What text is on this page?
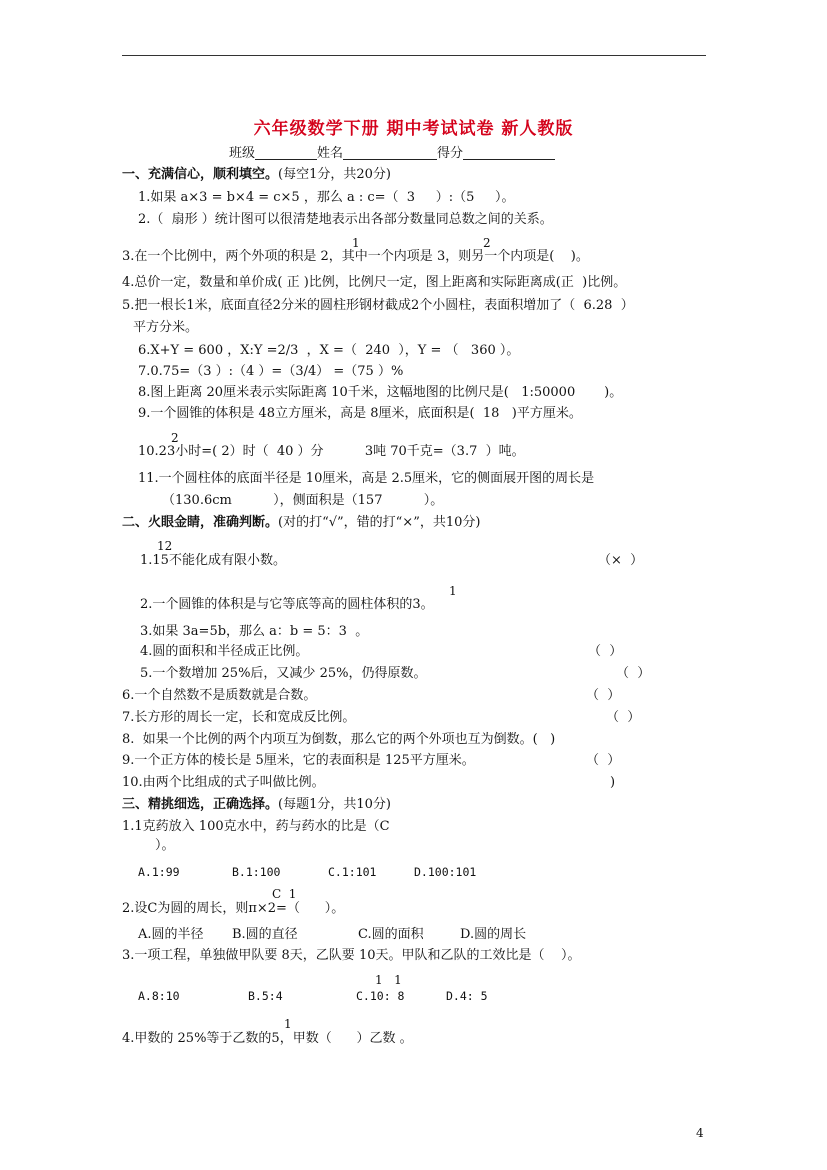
六年级数学下册 期中考试试卷 新人教版
班级	姓名	得分
一、充满信心，顺利填空。(每空1分，共20分)
1.如果 a×3 = b×4 = c×5 ，那么 a : c=（  3     ）:（5     ）。
2.（  扇形 ）统计图可以很清楚地表示出各部分数量同总数之间的关系。
1	2
3.在一个比例中，两个外项的积是 2，其中一个内项是 3，则另一个内项是(    )。
4.总价一定，数量和单价成( 正 )比例，比例尺一定，图上距离和实际距离成(正  )比例。
5.把一根长1米，底面直径2分米的圆柱形钢材截成2个小圆柱，表面积增加了（  6.28  ）
平方分米。
6.X+Y = 600 ，X:Y =2/3  ，X =（  240  ），Y = （   360 ）。
7.0.75=（3 ）:（4 ）=（3/4） =（75 ）%
8.图上距离 20厘米表示实际距离 10千米，这幅地图的比例尺是(   1:50000       )。
9.一个圆锥的体积是 48立方厘米，高是 8厘米，底面积是(  18   )平方厘米。
2
10.23小时=( 2）时（  40 ）分          3吨 70千克=（3.7  ）吨。
11.一个圆柱体的底面半径是 10厘米，高是 2.5厘米，它的侧面展开图的周长是
（130.6cm          ），侧面积是（157          ）。
二、火眼金睛，准确判断。(对的打“√”，错的打“×”，共10分)
12
1.15不能化成有限小数。	（×  ）
1
2.一个圆锥的体积是与它等底等高的圆柱体积的3。
3.如果 3a=5b，那么 a：b = 5：3  。
4.圆的面积和半径成正比例。	（  ）
5.一个数增加 25%后，又减少 25%，仍得原数。	（  ）
6.一个自然数不是质数就是合数。	（  ）
7.长方形的周长一定，长和宽成反比例。	（  ）
8.  如果一个比例的两个内项互为倒数，那么它的两个外项也互为倒数。(   )
9.一个正方体的棱长是 5厘米，它的表面积是 125平方厘米。	（  ）
10.由两个比组成的式子叫做比例。	)
三、精挑细选，正确选择。(每题1分，共10分)
1.1克药放入 100克水中，药与药水的比是（C
）。
A.1:99	B.1:100	C.1:101	D.100:101
C  1
2.设C为圆的周长，则π×2=（      ）。
A.圆的半径 B.圆的直径	C.圆的面积	D.圆的周长
3.一项工程，单独做甲队要 8天，乙队要 10天。甲队和乙队的工效比是（    ）。
1   1
A.8:10	B.5:4	C.10: 8	D.4: 5
1
4.甲数的 25%等于乙数的5，甲数（      ）乙数 。
4
